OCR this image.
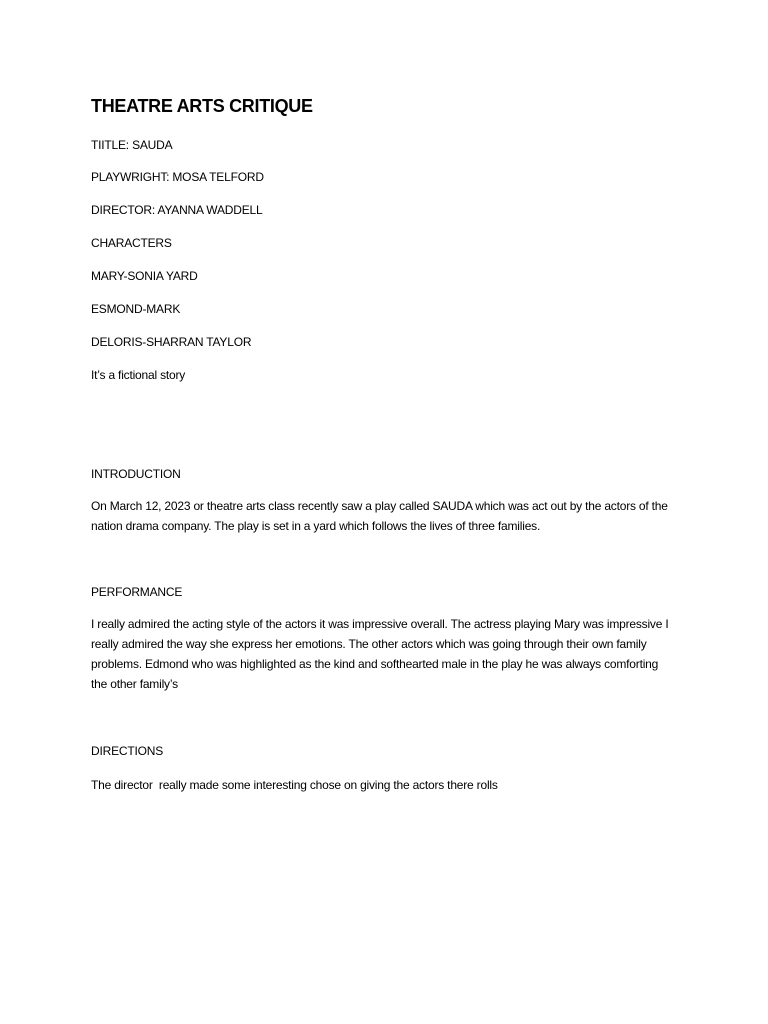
THEATRE ARTS CRITIQUE

TIITLE: SAUDA

PLAYWRIGHT: MOSA TELFORD

DIRECTOR: AYANNA WADDELL

CHARACTERS

MARY-SONIA YARD

ESMOND-MARK

DELORIS-SHARRAN TAYLOR

It’s a fictional story

INTRODUCTION

On March 12, 2023 or theatre arts class recently saw a play called SAUDA which was act out by the actors of the nation drama company. The play is set in a yard which follows the lives of three families.

PERFORMANCE

I really admired the acting style of the actors it was impressive overall. The actress playing Mary was impressive I really admired the way she express her emotions. The other actors which was going through their own family problems. Edmond who was highlighted as the kind and softhearted male in the play he was always comforting the other family’s

DIRECTIONS

The director  really made some interesting chose on giving the actors there rolls
